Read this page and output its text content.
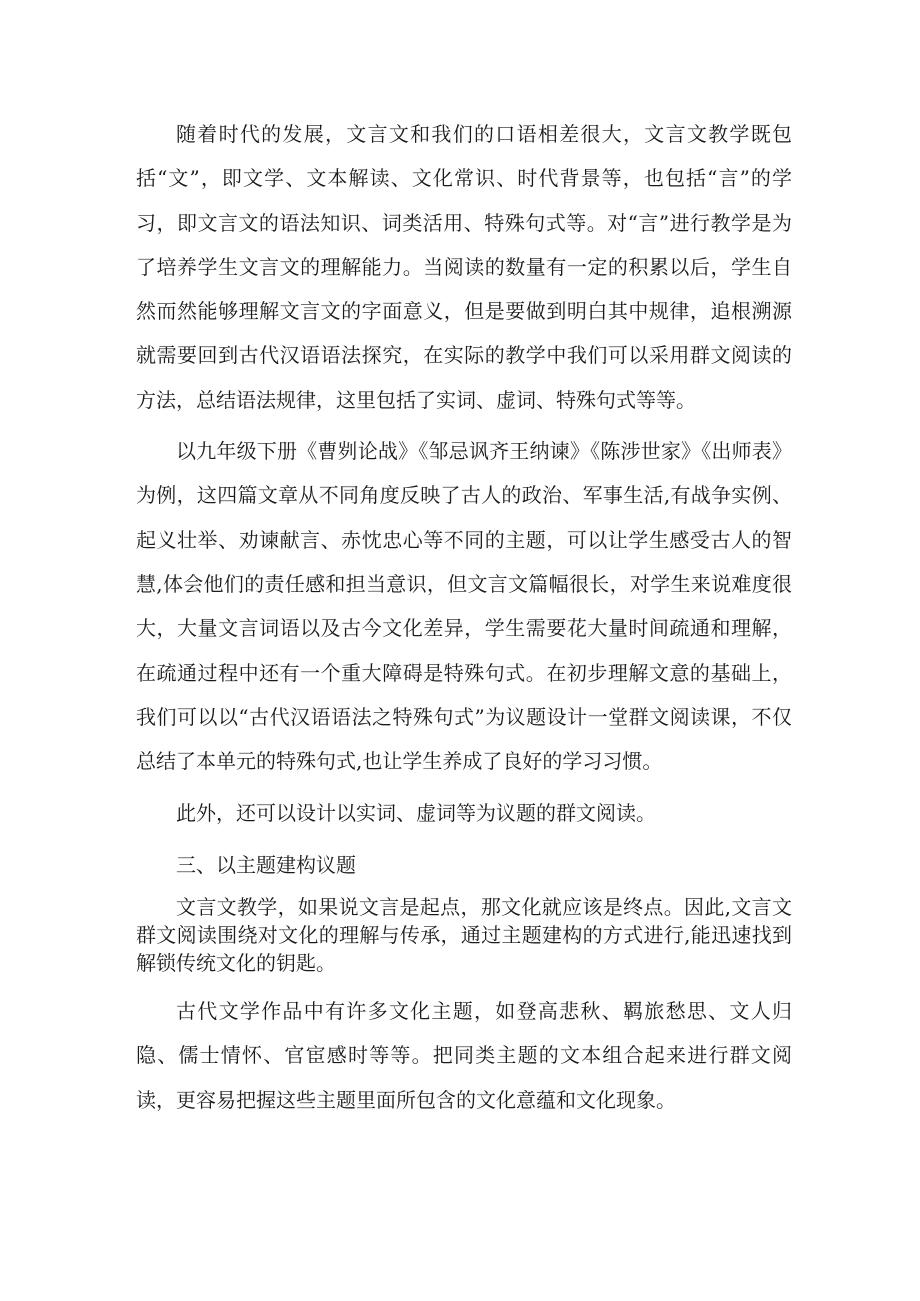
随着时代的发展，文言文和我们的口语相差很大，文言文教学既包括“文”，即文学、文本解读、文化常识、时代背景等，也包括“言”的学习，即文言文的语法知识、词类活用、特殊句式等。对“言”进行教学是为了培养学生文言文的理解能力。当阅读的数量有一定的积累以后，学生自然而然能够理解文言文的字面意义，但是要做到明白其中规律，追根溯源就需要回到古代汉语语法探究，在实际的教学中我们可以采用群文阅读的方法，总结语法规律，这里包括了实词、虚词、特殊句式等等。

以九年级下册《曹刿论战》《邹忌讽齐王纳谏》《陈涉世家》《出师表》为例，这四篇文章从不同角度反映了古人的政治、军事生活,有战争实例、起义壮举、劝谏献言、赤忱忠心等不同的主题，可以让学生感受古人的智慧,体会他们的责任感和担当意识，但文言文篇幅很长，对学生来说难度很大，大量文言词语以及古今文化差异，学生需要花大量时间疏通和理解，在疏通过程中还有一个重大障碍是特殊句式。在初步理解文意的基础上，我们可以以“古代汉语语法之特殊句式”为议题设计一堂群文阅读课，不仅总结了本单元的特殊句式,也让学生养成了良好的学习习惯。

此外，还可以设计以实词、虚词等为议题的群文阅读。

三、以主题建构议题

文言文教学，如果说文言是起点，那文化就应该是终点。因此,文言文群文阅读围绕对文化的理解与传承，通过主题建构的方式进行,能迅速找到解锁传统文化的钥匙。

古代文学作品中有许多文化主题，如登高悲秋、羁旅愁思、文人归隐、儒士情怀、官宦感时等等。把同类主题的文本组合起来进行群文阅读，更容易把握这些主题里面所包含的文化意蕴和文化现象。
